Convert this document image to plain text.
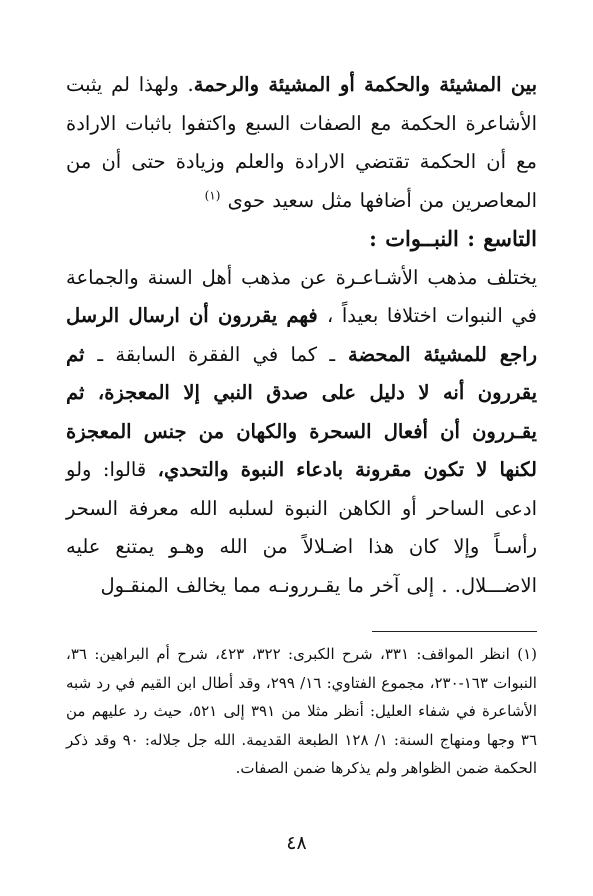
بين المشيئة والحكمة أو المشيئة والرحمة. ولهذا لم يثبت الأشاعرة الحكمة مع الصفات السبع واكتفوا باثبات الارادة مع أن الحكمة تقتضي الارادة والعلم وزيادة حتى أن من المعاصرين من أضافها مثل سعيد حوى $^{(١)}$

التاسع : النبــوات :

يختلف مذهب الأشـاعـرة عن مذهب أهل السنة والجماعة في النبوات اختلافا بعيداً ، فهم يقررون أن ارسال الرسل راجع للمشيئة المحضة ـ كما في الفقرة السابقة ـ ثم يقررون أنه لا دليل على صدق النبي إلا المعجزة، ثم يقـررون أن أفعال السحرة والكهان من جنس المعجزة لكنها لا تكون مقرونة بادعاء النبوة والتحدي، قالوا: ولو ادعى الساحر أو الكاهن النبوة لسلبه الله معرفة السحر رأسـاً وإلا كان هذا اضـلالاً من الله وهـو يمتنع عليه الاضـــلال. . إلى آخر ما يقـررونـه مما يخالف المنقـول

(١) انظر المواقف: ٣٣١، شرح الكبرى: ٣٢٢، ٤٢٣، شرح أم البراهين: ٣٦، النبوات ١٦٣-٢٣٠، مجموع الفتاوي: ١٦/ ٢٩٩، وقد أطال ابن القيم في رد شبه الأشاعرة في شفاء العليل: أنظر مثلا من ٣٩١ إلى ٥٢١، حيث رد عليهم من ٣٦ وجها ومنهاج السنة: ١/ ١٢٨ الطبعة القديمة. الله جل جلاله: ٩٠ وقد ذكر الحكمة ضمن الظواهر ولم يذكرها ضمن الصفات.
٤٨
